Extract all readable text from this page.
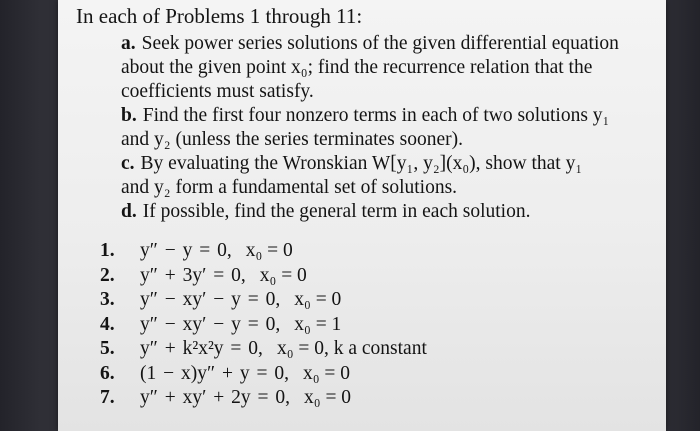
In each of Problems 1 through 11:
a. Seek power series solutions of the given differential equation
about the given point x₀; find the recurrence relation that the
coefficients must satisfy.
b. Find the first four nonzero terms in each of two solutions y₁
and y₂ (unless the series terminates sooner).
c. By evaluating the Wronskian W[y₁, y₂](x₀), show that y₁
and y₂ form a fundamental set of solutions.
d. If possible, find the general term in each solution.
1. y″ − y = 0, x₀ = 0
2. y″ + 3y′ = 0, x₀ = 0
3. y″ − xy′ − y = 0, x₀ = 0
4. y″ − xy′ − y = 0, x₀ = 1
5. y″ + k²x²y = 0, x₀ = 0, k a constant
6. (1 − x)y″ + y = 0, x₀ = 0
7. y″ + xy′ + 2y = 0, x₀ = 0
